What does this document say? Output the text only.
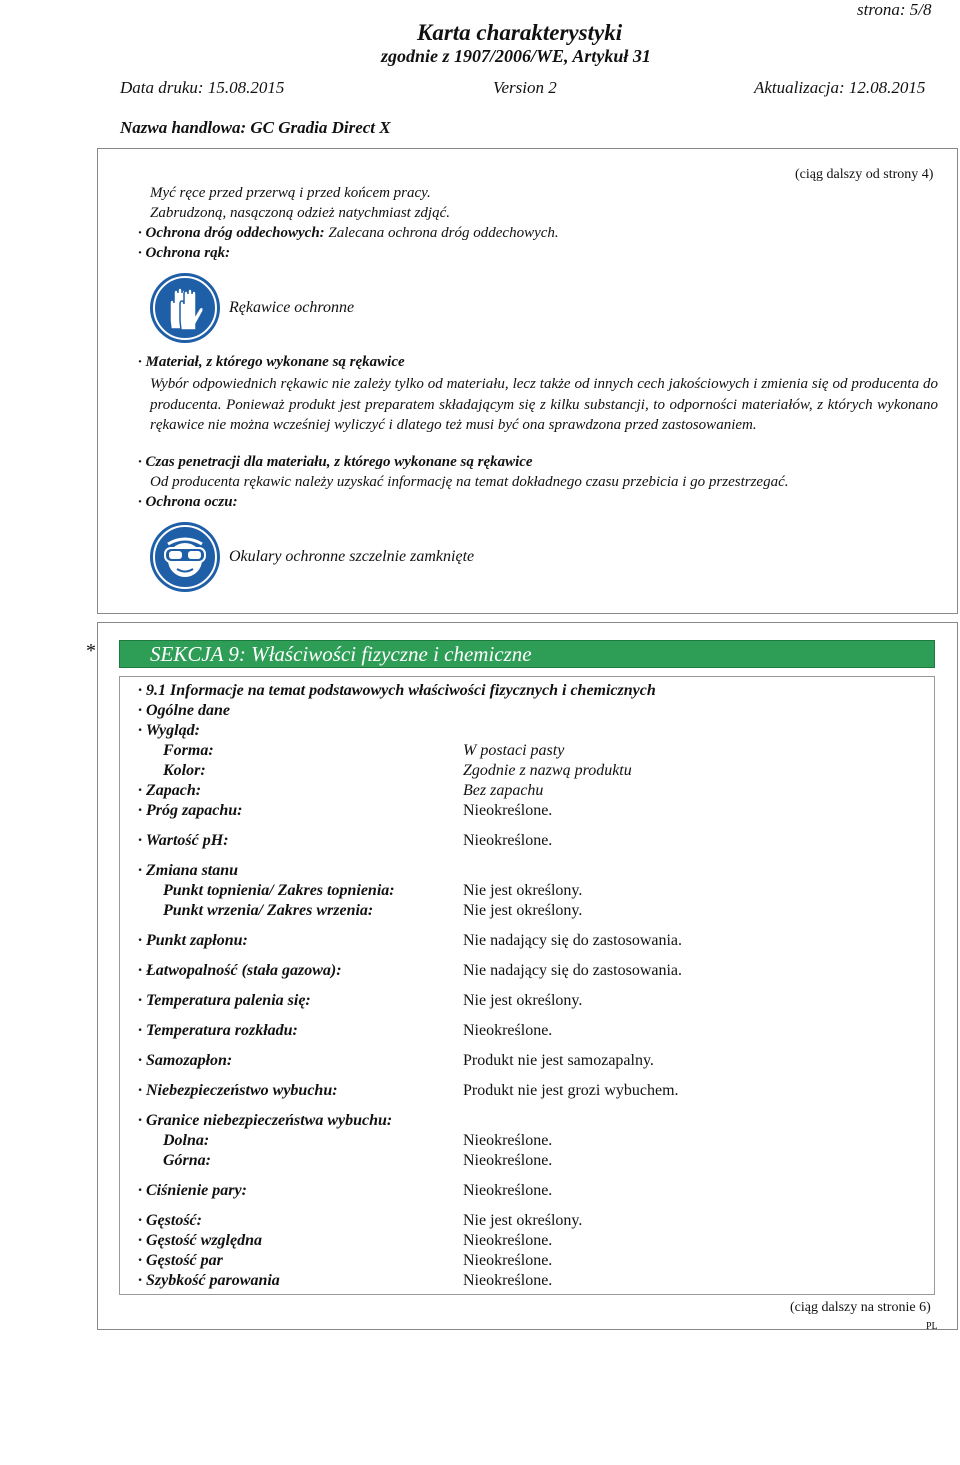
strona: 5/8
Karta charakterystyki
zgodnie z 1907/2006/WE, Artykuł 31
Data druku: 15.08.2015	Version 2	Aktualizacja: 12.08.2015
Nazwa handlowa: GC Gradia Direct X
(ciąg dalszy od strony 4)
Myć ręce przed przerwą i przed końcem pracy.
Zabrudzoną, nasączoną odzież natychmiast zdjąć.
· Ochrona dróg oddechowych: Zalecana ochrona dróg oddechowych.
· Ochrona rąk:
Rękawice ochronne
· Materiał, z którego wykonane są rękawice
Wybór odpowiednich rękawic nie zależy tylko od materiału, lecz także od innych cech jakościowych i zmienia się od producenta do producenta. Ponieważ produkt jest preparatem składającym się z kilku substancji, to odporności materiałów, z których wykonano rękawice nie można wcześniej wyliczyć i dlatego też musi być ona sprawdzona przed zastosowaniem.
· Czas penetracji dla materiału, z którego wykonane są rękawice
Od producenta rękawic należy uzyskać informację na temat dokładnego czasu przebicia i go przestrzegać.
· Ochrona oczu:
Okulary ochronne szczelnie zamknięte
*	SEKCJA 9: Właściwości fizyczne i chemiczne
· 9.1 Informacje na temat podstawowych właściwości fizycznych i chemicznych
· Ogólne dane
· Wygląd:
Forma:	W postaci pasty
Kolor:	Zgodnie z nazwą produktu
· Zapach:	Bez zapachu
· Próg zapachu:	Nieokreślone.
· Wartość pH:	Nieokreślone.
· Zmiana stanu
Punkt topnienia/ Zakres topnienia:	Nie jest określony.
Punkt wrzenia/ Zakres wrzenia:	Nie jest określony.
· Punkt zapłonu:	Nie nadający się do zastosowania.
· Łatwopalność (stała gazowa):	Nie nadający się do zastosowania.
· Temperatura palenia się:	Nie jest określony.
· Temperatura rozkładu:	Nieokreślone.
· Samozapłon:	Produkt nie jest samozapalny.
· Niebezpieczeństwo wybuchu:	Produkt nie jest grozi wybuchem.
· Granice niebezpieczeństwa wybuchu:
Dolna:	Nieokreślone.
Górna:	Nieokreślone.
· Ciśnienie pary:	Nieokreślone.
· Gęstość:	Nie jest określony.
· Gęstość względna	Nieokreślone.
· Gęstość par	Nieokreślone.
· Szybkość parowania	Nieokreślone.
(ciąg dalszy na stronie 6)
PL
